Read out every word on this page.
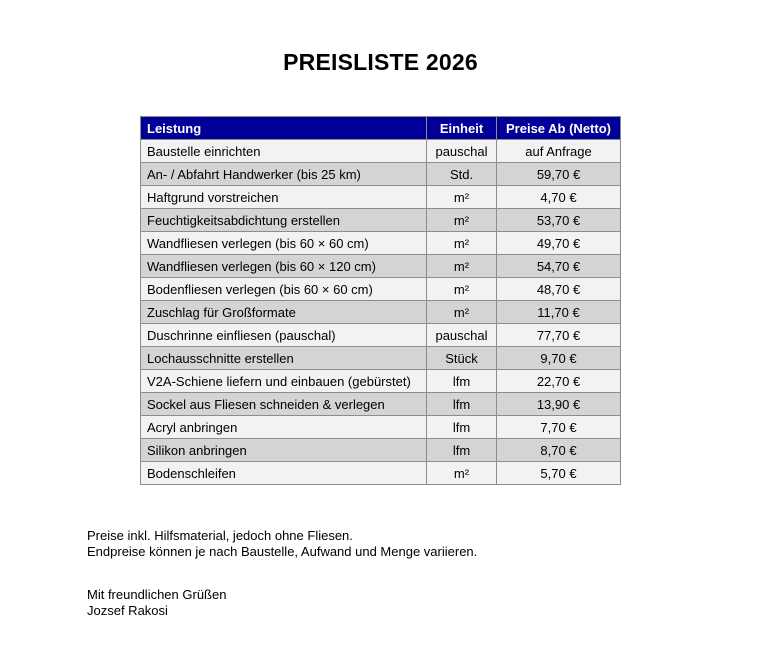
PREISLISTE 2026
Leistung	Einheit	Preise Ab (Netto)
Baustelle einrichten	pauschal	auf Anfrage
An- / Abfahrt Handwerker (bis 25 km)	Std.	59,70 €
Haftgrund vorstreichen	m²	4,70 €
Feuchtigkeitsabdichtung erstellen	m²	53,70 €
Wandfliesen verlegen (bis 60 × 60 cm)	m²	49,70 €
Wandfliesen verlegen (bis 60 × 120 cm)	m²	54,70 €
Bodenfliesen verlegen (bis 60 × 60 cm)	m²	48,70 €
Zuschlag für Großformate	m²	11,70 €
Duschrinne einfliesen (pauschal)	pauschal	77,70 €
Lochausschnitte erstellen	Stück	9,70 €
V2A-Schiene liefern und einbauen (gebürstet)	lfm	22,70 €
Sockel aus Fliesen schneiden & verlegen	lfm	13,90 €
Acryl anbringen	lfm	7,70 €
Silikon anbringen	lfm	8,70 €
Bodenschleifen	m²	5,70 €
Preise inkl. Hilfsmaterial, jedoch ohne Fliesen.
Endpreise können je nach Baustelle, Aufwand und Menge variieren.
Mit freundlichen Grüßen
Jozsef Rakosi
